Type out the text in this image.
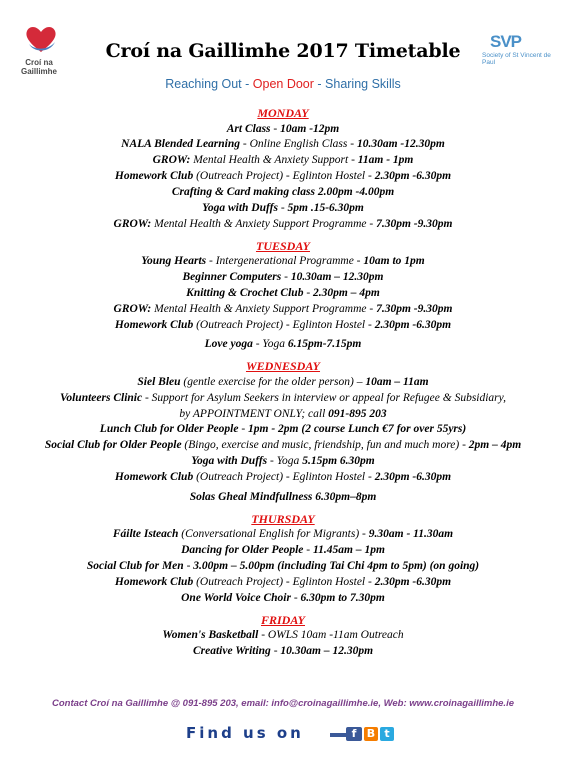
Croí na Gaillimhe
Croí na Gaillimhe 2017 Timetable	SVP
Society of St Vincent de Paul
Reaching Out - Open Door - Sharing Skills
MONDAY
Art Class - 10am -12pm
NALA Blended Learning - Online English Class - 10.30am -12.30pm
GROW: Mental Health & Anxiety Support - 11am - 1pm
Homework Club (Outreach Project) - Eglinton Hostel - 2.30pm -6.30pm
Crafting & Card making class 2.00pm -4.00pm
Yoga with Duffs - 5pm .15-6.30pm
GROW: Mental Health & Anxiety Support Programme - 7.30pm -9.30pm
TUESDAY
Young Hearts - Intergenerational Programme - 10am to 1pm
Beginner Computers - 10.30am – 12.30pm
Knitting & Crochet Club - 2.30pm – 4pm
GROW: Mental Health & Anxiety Support Programme - 7.30pm -9.30pm
Homework Club (Outreach Project) - Eglinton Hostel - 2.30pm -6.30pm
Love yoga - Yoga 6.15pm-7.15pm
WEDNESDAY
Siel Bleu (gentle exercise for the older person) – 10am – 11am
Volunteers Clinic - Support for Asylum Seekers in interview or appeal for Refugee & Subsidiary,
by APPOINTMENT ONLY; call 091-895 203
Lunch Club for Older People - 1pm - 2pm (2 course Lunch €7 for over 55yrs)
Social Club for Older People (Bingo, exercise and music, friendship, fun and much more) - 2pm – 4pm
Yoga with Duffs - Yoga 5.15pm 6.30pm
Homework Club (Outreach Project) - Eglinton Hostel - 2.30pm -6.30pm
Solas Gheal Mindfullness 6.30pm–8pm
THURSDAY
Fáilte Isteach (Conversational English for Migrants) - 9.30am - 11.30am
Dancing for Older People - 11.45am – 1pm
Social Club for Men - 3.00pm – 5.00pm (including Tai Chi 4pm to 5pm) (on going)
Homework Club (Outreach Project) - Eglinton Hostel - 2.30pm -6.30pm
One World Voice Choir - 6.30pm to 7.30pm
FRIDAY
Women's Basketball - OWLS 10am -11am Outreach
Creative Writing - 10.30am – 12.30pm
Contact Croí na Gaillimhe @ 091-895 203, email: info@croinagaillimhe.ie, Web: www.croinagaillimhe.ie
Find us on	f B t
